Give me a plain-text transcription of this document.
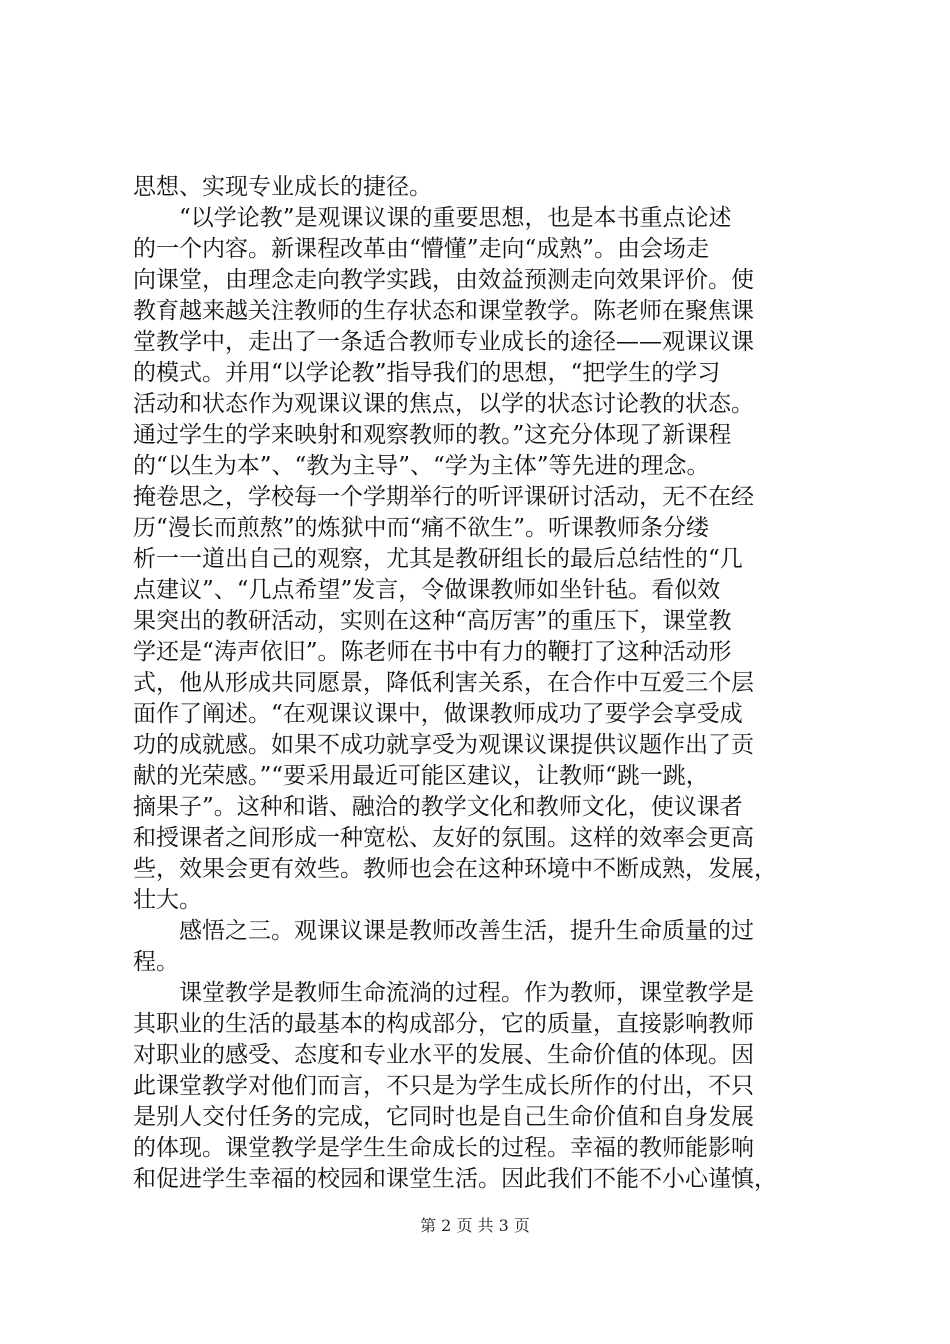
思想、实现专业成长的捷径。
“以学论教”是观课议课的重要思想，也是本书重点论述
的一个内容。新课程改革由“懵懂”走向“成熟”。由会场走
向课堂，由理念走向教学实践，由效益预测走向效果评价。使
教育越来越关注教师的生存状态和课堂教学。陈老师在聚焦课
堂教学中，走出了一条适合教师专业成长的途径——观课议课
的模式。并用“以学论教”指导我们的思想，“把学生的学习
活动和状态作为观课议课的焦点，以学的状态讨论教的状态。
通过学生的学来映射和观察教师的教。”这充分体现了新课程
的“以生为本”、“教为主导”、“学为主体”等先进的理念。
掩卷思之，学校每一个学期举行的听评课研讨活动，无不在经
历“漫长而煎熬”的炼狱中而“痛不欲生”。听课教师条分缕
析一一道出自己的观察，尤其是教研组长的最后总结性的“几
点建议”、“几点希望”发言，令做课教师如坐针毡。看似效
果突出的教研活动，实则在这种“高厉害”的重压下，课堂教
学还是“涛声依旧”。陈老师在书中有力的鞭打了这种活动形
式，他从形成共同愿景，降低利害关系，在合作中互爱三个层
面作了阐述。“在观课议课中，做课教师成功了要学会享受成
功的成就感。如果不成功就享受为观课议课提供议题作出了贡
献的光荣感。”“要采用最近可能区建议，让教师“跳一跳，
摘果子”。这种和谐、融洽的教学文化和教师文化，使议课者
和授课者之间形成一种宽松、友好的氛围。这样的效率会更高
些，效果会更有效些。教师也会在这种环境中不断成熟，发展，
壮大。
感悟之三。观课议课是教师改善生活，提升生命质量的过
程。
课堂教学是教师生命流淌的过程。作为教师，课堂教学是
其职业的生活的最基本的构成部分，它的质量，直接影响教师
对职业的感受、态度和专业水平的发展、生命价值的体现。因
此课堂教学对他们而言，不只是为学生成长所作的付出，不只
是别人交付任务的完成，它同时也是自己生命价值和自身发展
的体现。课堂教学是学生生命成长的过程。幸福的教师能影响
和促进学生幸福的校园和课堂生活。因此我们不能不小心谨慎，
第 2 页 共 3 页
